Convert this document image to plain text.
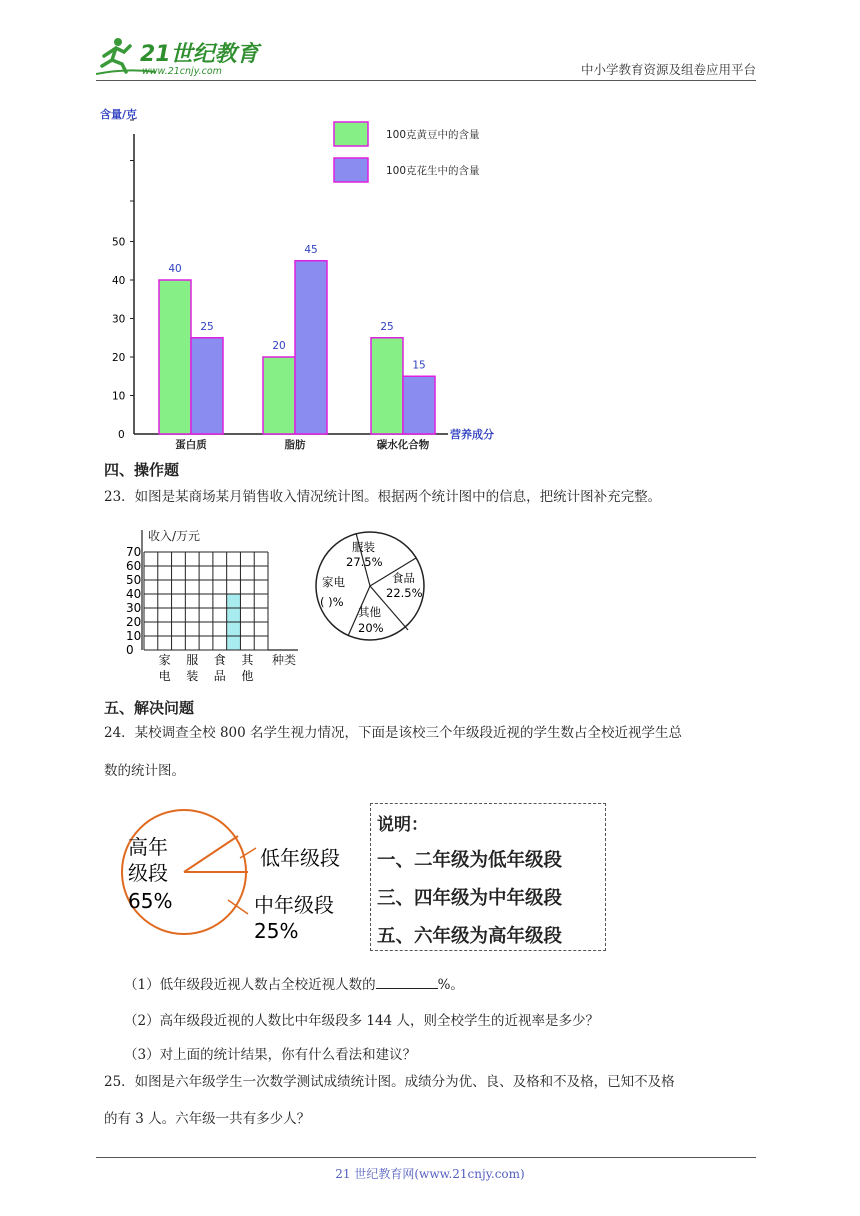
21世纪教育
www.21cnjy.com	中小学教育资源及组卷应用平台
含量/克
营养成分
0
10
20
30
40
50
40
25
20
45
25
15
蛋白质	脂肪	碳水化合物
100克黄豆中的含量
100克花生中的含量
四、操作题
23．如图是某商场某月销售收入情况统计图。根据两个统计图中的信息，把统计图补充完整。
收入/万元
0
10
20
30
40
50
60
70
种类
家
电
服
装
食
品
其
他
服装
27.5%
食品
22.5%
家电
( )%
其他
20%
五、解决问题
24．某校调查全校 800 名学生视力情况，下面是该校三个年级段近视的学生数占全校近视学生总
数的统计图。
高年
级段
65%
低年级段
中年级段
25%
说明：
一、二年级为低年级段
三、四年级为中年级段
五、六年级为高年级段
（1）低年级段近视人数占全校近视人数的	%。
（2）高年级段近视的人数比中年级段多 144 人，则全校学生的近视率是多少？
（3）对上面的统计结果，你有什么看法和建议？
25．如图是六年级学生一次数学测试成绩统计图。成绩分为优、良、及格和不及格，已知不及格
的有 3 人。六年级一共有多少人？
21 世纪教育网(www.21cnjy.com)
